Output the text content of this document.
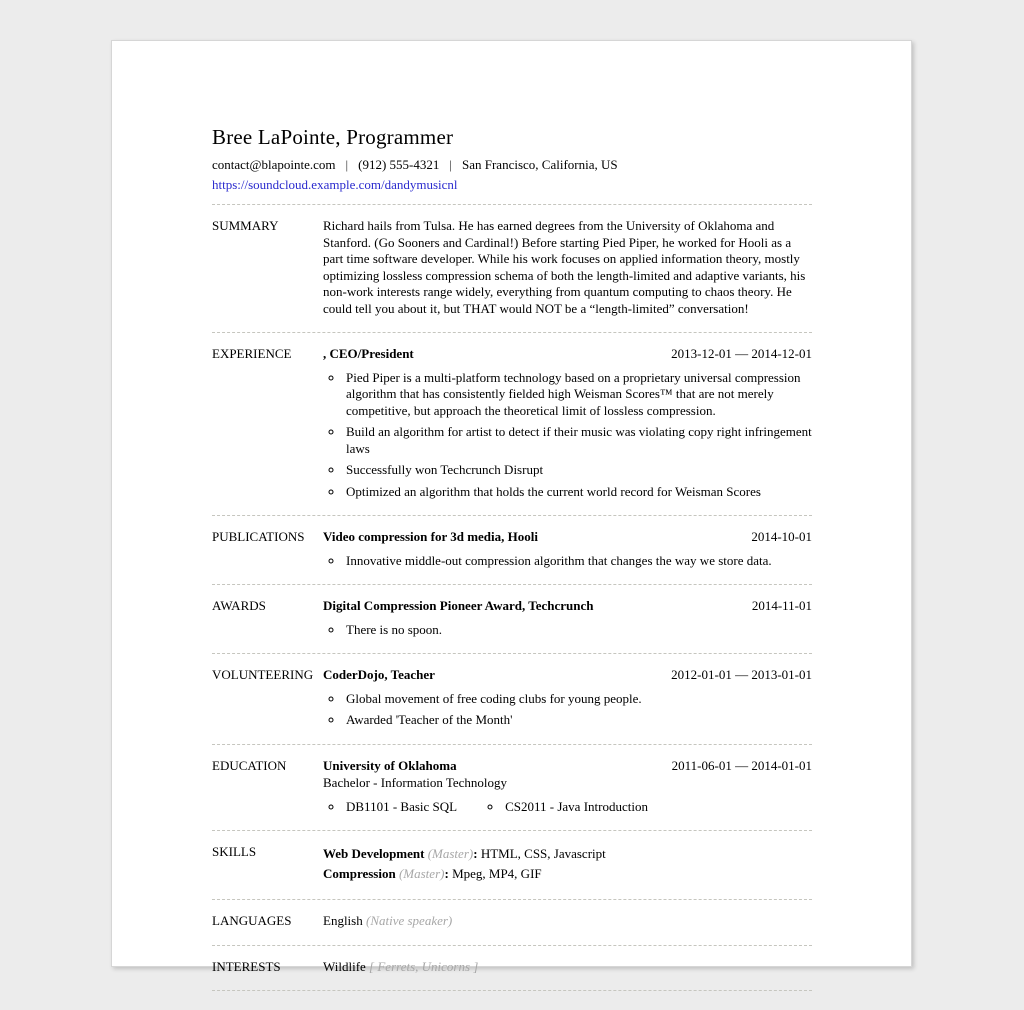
Bree LaPointe, Programmer
contact@blapointe.com | (912) 555-4321 | San Francisco, California, US
https://soundcloud.example.com/dandymusicnl
SUMMARY	Richard hails from Tulsa. He has earned degrees from the University of Oklahoma and Stanford. (Go Sooners and Cardinal!) Before starting Pied Piper, he worked for Hooli as a part time software developer. While his work focuses on applied information theory, mostly optimizing lossless compression schema of both the length-limited and adaptive variants, his non-work interests range widely, everything from quantum computing to chaos theory. He could tell you about it, but THAT would NOT be a “length-limited” conversation!
EXPERIENCE	, CEO/President	2013-12-01 — 2014-12-01
◦ Pied Piper is a multi-platform technology based on a proprietary universal compression algorithm that has consistently fielded high Weisman Scores™ that are not merely competitive, but approach the theoretical limit of lossless compression.
◦ Build an algorithm for artist to detect if their music was violating copy right infringement laws
◦ Successfully won Techcrunch Disrupt
◦ Optimized an algorithm that holds the current world record for Weisman Scores
PUBLICATIONS	Video compression for 3d media, Hooli	2014-10-01
◦ Innovative middle-out compression algorithm that changes the way we store data.
AWARDS	Digital Compression Pioneer Award, Techcrunch	2014-11-01
◦ There is no spoon.
VOLUNTEERING CoderDojo, Teacher	2012-01-01 — 2013-01-01
◦ Global movement of free coding clubs for young people.
◦ Awarded 'Teacher of the Month'
EDUCATION	University of Oklahoma	2011-06-01 — 2014-01-01
Bachelor - Information Technology
◦ DB1101 - Basic SQL	◦ CS2011 - Java Introduction
SKILLS	Web Development (Master): HTML, CSS, Javascript
Compression (Master): Mpeg, MP4, GIF
LANGUAGES	English (Native speaker)
INTERESTS	Wildlife [ Ferrets, Unicorns ]
